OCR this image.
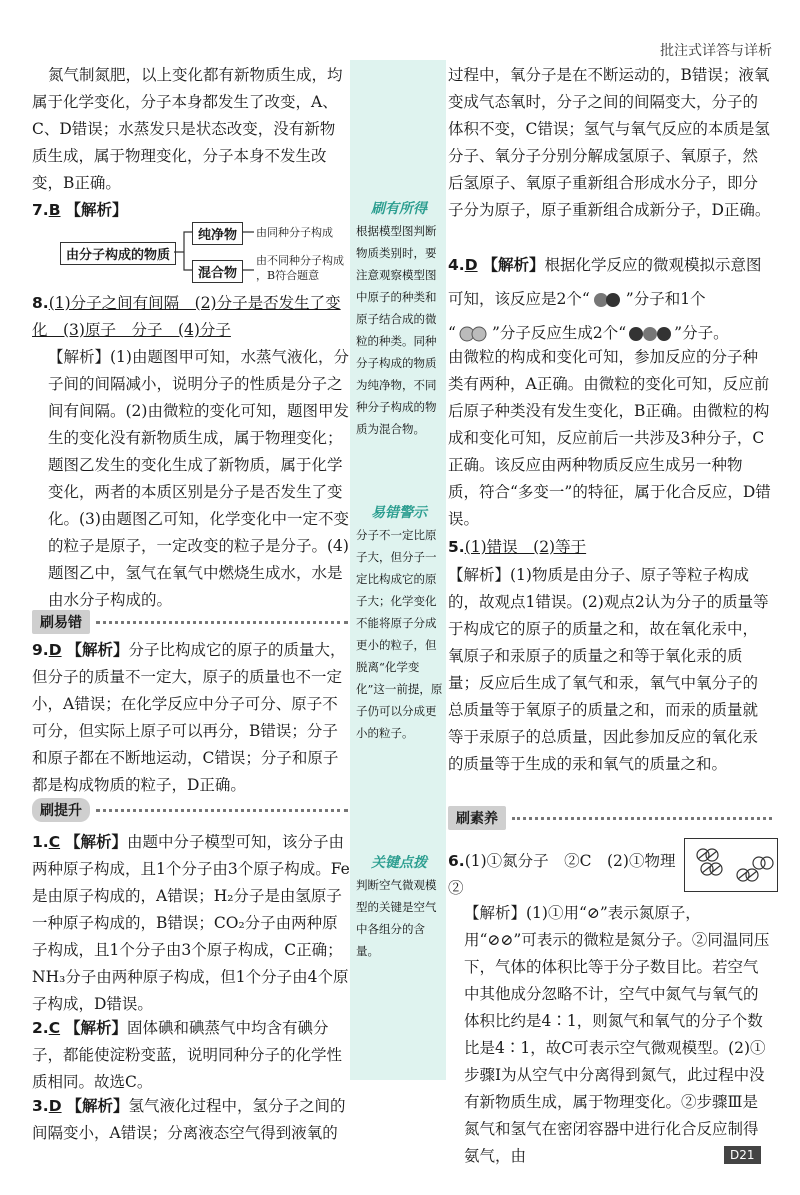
批注式详答与详析

氮气制氮肥，以上变化都有新物质生成，均属于化学变化，分子本身都发生了改变，A、C、D错误；水蒸发只是状态改变，没有新物质生成，属于物理变化，分子本身不发生改变，B正确。

7.B 【解析】

由分子构成的物质
纯净物	由同种分子构成
混合物
由不同种分子构成
，B符合题意

8.(1)分子之间有间隔　(2)分子是否发生了变
化　(3)原子　分子　(4)分子

【解析】(1)由题图甲可知，水蒸气液化，分子间的间隔减小，说明分子的性质是分子之间有间隔。(2)由微粒的变化可知，题图甲发生的变化没有新物质生成，属于物理变化；题图乙发生的变化生成了新物质，属于化学变化，两者的本质区别是分子是否发生了变化。(3)由题图乙可知，化学变化中一定不变的粒子是原子，一定改变的粒子是分子。(4)题图乙中，氢气在氧气中燃烧生成水，水是由水分子构成的。

刷易错

9.D 【解析】分子比构成它的原子的质量大，但分子的质量不一定大，原子的质量也不一定小，A错误；在化学反应中分子可分、原子不可分，但实际上原子可以再分，B错误；分子和原子都在不断地运动，C错误；分子和原子都是构成物质的粒子，D正确。

刷提升

1.C 【解析】由题中分子模型可知，该分子由两种原子构成，且1个分子由3个原子构成。Fe是由原子构成的，A错误；H₂分子是由氢原子一种原子构成的，B错误；CO₂分子由两种原子构成，且1个分子由3个原子构成，C正确；NH₃分子由两种原子构成，但1个分子由4个原子构成，D错误。

2.C 【解析】固体碘和碘蒸气中均含有碘分子，都能使淀粉变蓝，说明同种分子的化学性质相同。故选C。

3.D 【解析】氢气液化过程中，氢分子之间的间隔变小，A错误；分离液态空气得到液氧的

刷有所得
根据模型图判断物质类别时，要注意观察模型图中原子的种类和原子结合成的微粒的种类。同种分子构成的物质为纯净物，不同种分子构成的物质为混合物。
易错警示
分子不一定比原子大，但分子一定比构成它的原子大；化学变化不能将原子分成更小的粒子，但脱离“化学变化”这一前提，原子仍可以分成更小的粒子。
关键点拨
判断空气微观模型的关键是空气中各组分的含量。

过程中，氧分子是在不断运动的，B错误；液氧变成气态氧时，分子之间的间隔变大，分子的体积不变，C错误；氢气与氧气反应的本质是氢分子、氧分子分别分解成氢原子、氧原子，然后氢原子、氧原子重新组合形成水分子，即分子分为原子，原子重新组合成新分子，D正确。

4.D 【解析】根据化学反应的微观模拟示意图可知，该反应是2个“ ”分子和1个
“ ”分子反应生成2个“	”分子。

由微粒的构成和变化可知，参加反应的分子种类有两种，A正确。由微粒的变化可知，反应前后原子种类没有发生变化，B正确。由微粒的构成和变化可知，反应前后一共涉及3种分子，C正确。该反应由两种物质反应生成另一种物质，符合“多变一”的特征，属于化合反应，D错误。

5.(1)错误　(2)等于

【解析】(1)物质是由分子、原子等粒子构成的，故观点1错误。(2)观点2认为分子的质量等于构成它的原子的质量之和，故在氧化汞中，氧原子和汞原子的质量之和等于氧化汞的质量；反应后生成了氧气和汞，氧气中氧分子的总质量等于氧原子的质量之和，而汞的质量就等于汞原子的总质量，因此参加反应的氧化汞的质量等于生成的汞和氧气的质量之和。

刷素养

6.(1)①氮分子　②C　(2)①物理　②

【解析】(1)①用“⊘”表示氮原子，用“⊘⊘”可表示的微粒是氮分子。②同温同压下，气体的体积比等于分子数目比。若空气中其他成分忽略不计，空气中氮气与氧气的体积比约是4∶1，则氮气和氧气的分子个数比是4∶1，故C可表示空气微观模型。(2)①步骤Ⅰ为从空气中分离得到氮气，此过程中没有新物质生成，属于物理变化。②步骤Ⅲ是氮气和氢气在密闭容器中进行化合反应制得氨气，由	D21
